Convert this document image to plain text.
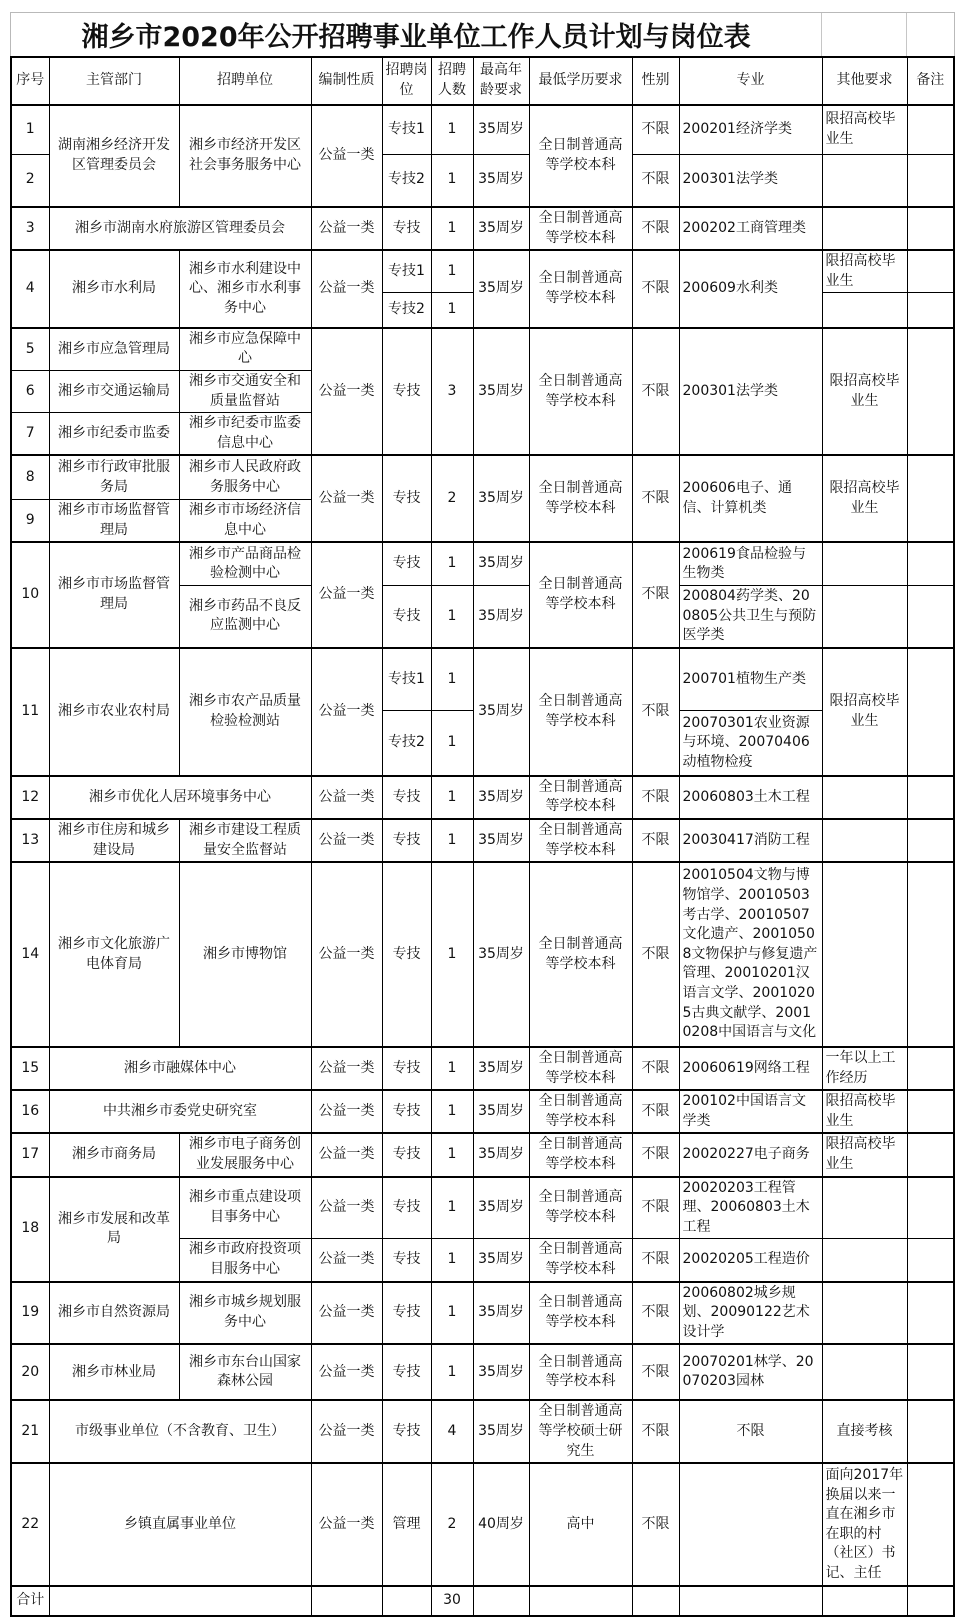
湘乡市2020年公开招聘事业单位工作人员计划与岗位表
序号	主管部门	招聘单位	编制性质	招聘岗位	招聘人数	最高年龄要求	最低学历要求	性别	专业	其他要求	备注
1	湖南湘乡经济开发区管理委员会	湘乡市经济开发区社会事务服务中心	公益一类	专技1	1	35周岁	全日制普通高等学校本科	不限	200201经济学类	限招高校毕业生	
2				专技2	1	35周岁		不限	200301法学类		
3	湘乡市湖南水府旅游区管理委员会		公益一类	专技	1	35周岁	全日制普通高等学校本科	不限	200202工商管理类		
4	湘乡市水利局	湘乡市水利建设中心、湘乡市水利事务中心	公益一类	专技1	1	35周岁	全日制普通高等学校本科	不限	200609水利类	限招高校毕业生	
				专技2	1						
5	湘乡市应急管理局	湘乡市应急保障中心	公益一类	专技	3	35周岁	全日制普通高等学校本科	不限	200301法学类	限招高校毕业生	
6	湘乡市交通运输局	湘乡市交通安全和质量监督站									
7	湘乡市纪委市监委	湘乡市纪委市监委信息中心									
8	湘乡市行政审批服务局	湘乡市人民政府政务服务中心	公益一类	专技	2	35周岁	全日制普通高等学校本科	不限	200606电子、通信、计算机类	限招高校毕业生	
9	湘乡市市场监督管理局	湘乡市市场经济信息中心									
10	湘乡市市场监督管理局	湘乡市产品商品检验检测中心	公益一类	专技	1	35周岁	全日制普通高等学校本科	不限	200619食品检验与生物类		
		湘乡市药品不良反应监测中心		专技	1	35周岁			200804药学类、200805公共卫生与预防医学类		
11	湘乡市农业农村局	湘乡市农产品质量检验检测站	公益一类	专技1	1	35周岁	全日制普通高等学校本科	不限	200701植物生产类	限招高校毕业生	
				专技2	1				20070301农业资源与环境、20070406动植物检疫		
12	湘乡市优化人居环境事务中心		公益一类	专技	1	35周岁	全日制普通高等学校本科	不限	20060803土木工程		
13	湘乡市住房和城乡建设局	湘乡市建设工程质量安全监督站	公益一类	专技	1	35周岁	全日制普通高等学校本科	不限	20030417消防工程		
14	湘乡市文化旅游广电体育局	湘乡市博物馆	公益一类	专技	1	35周岁	全日制普通高等学校本科	不限	20010504文物与博物馆学、20010503考古学、20010507文化遗产、20010508文物保护与修复遗产管理、20010201汉语言文学、20010205古典文献学、20010208中国语言与文化		
15	湘乡市融媒体中心		公益一类	专技	1	35周岁	全日制普通高等学校本科	不限	20060619网络工程	一年以上工作经历	
16	中共湘乡市委党史研究室		公益一类	专技	1	35周岁	全日制普通高等学校本科	不限	200102中国语言文学类	限招高校毕业生	
17	湘乡市商务局	湘乡市电子商务创业发展服务中心	公益一类	专技	1	35周岁	全日制普通高等学校本科	不限	20020227电子商务	限招高校毕业生	
18	湘乡市发展和改革局	湘乡市重点建设项目事务中心	公益一类	专技	1	35周岁	全日制普通高等学校本科	不限	20020203工程管理、20060803土木工程		
		湘乡市政府投资项目服务中心	公益一类	专技	1	35周岁	全日制普通高等学校本科	不限	20020205工程造价		
19	湘乡市自然资源局	湘乡市城乡规划服务中心	公益一类	专技	1	35周岁	全日制普通高等学校本科	不限	20060802城乡规划、20090122艺术设计学		
20	湘乡市林业局	湘乡市东台山国家森林公园	公益一类	专技	1	35周岁	全日制普通高等学校本科	不限	20070201林学、20070203园林		
21	市级事业单位（不含教育、卫生）		公益一类	专技	4	35周岁	全日制普通高等学校硕士研究生	不限	不限	直接考核	
22	乡镇直属事业单位		公益一类	管理	2	40周岁	高中	不限		面向2017年换届以来一直在湘乡市在职的村（社区）书记、主任	
合计					30						
